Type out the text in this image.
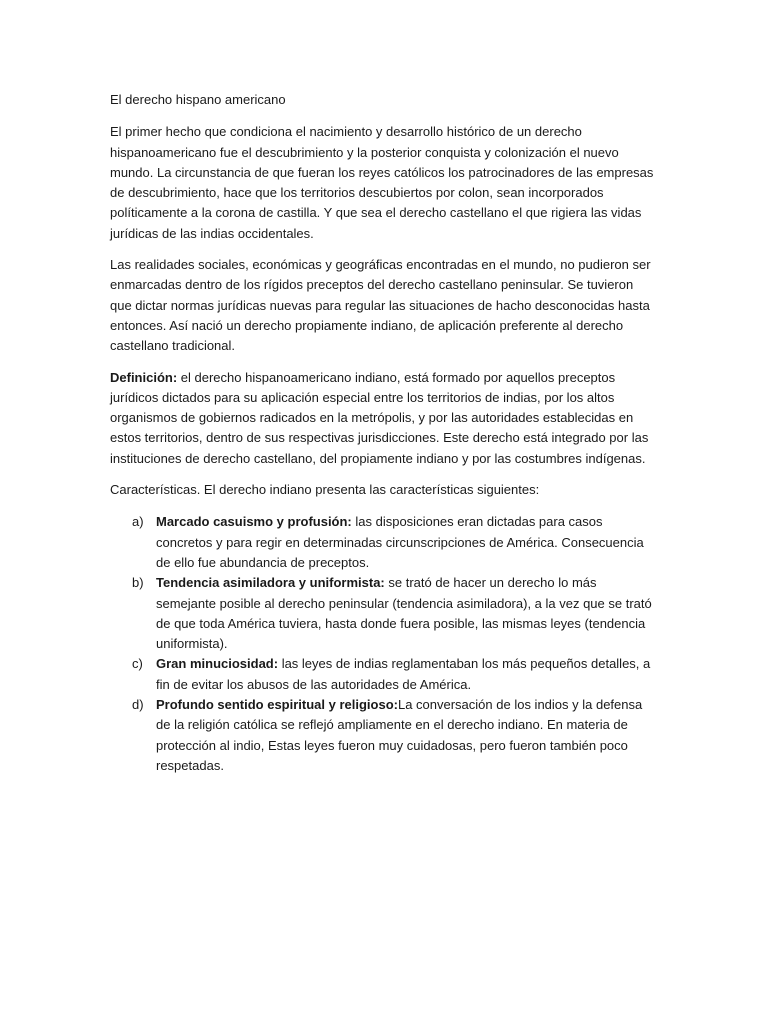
El derecho hispano americano

El primer hecho que condiciona el nacimiento y desarrollo histórico de un derecho hispanoamericano fue el descubrimiento y la posterior conquista y colonización el nuevo mundo. La circunstancia de que fueran los reyes católicos los patrocinadores de las empresas de descubrimiento, hace que los territorios descubiertos por colon, sean incorporados políticamente a la corona de castilla. Y que sea el derecho castellano el que rigiera las vidas jurídicas de las indias occidentales.

Las realidades sociales, económicas y geográficas encontradas en el mundo, no pudieron ser enmarcadas dentro de los rígidos preceptos del derecho castellano peninsular. Se tuvieron que dictar normas jurídicas nuevas para regular las situaciones de hacho desconocidas hasta entonces. Así nació un derecho propiamente indiano, de aplicación preferente al derecho castellano tradicional.

Definición: el derecho hispanoamericano indiano, está formado por aquellos preceptos jurídicos dictados para su aplicación especial entre los territorios de indias, por los altos organismos de gobiernos radicados en la metrópolis, y por las autoridades establecidas en estos territorios, dentro de sus respectivas jurisdicciones. Este derecho está integrado por las instituciones de derecho castellano, del propiamente indiano y por las costumbres indígenas.

Características. El derecho indiano presenta las características siguientes:

a) Marcado casuismo y profusión: las disposiciones eran dictadas para casos concretos y para regir en determinadas circunscripciones de América. Consecuencia de ello fue abundancia de preceptos.
b) Tendencia asimiladora y uniformista: se trató de hacer un derecho lo más semejante posible al derecho peninsular (tendencia asimiladora), a la vez que se trató de que toda América tuviera, hasta donde fuera posible, las mismas leyes (tendencia uniformista).
c) Gran minuciosidad: las leyes de indias reglamentaban los más pequeños detalles, a fin de evitar los abusos de las autoridades de América.
d) Profundo sentido espiritual y religioso:La conversación de los indios y la defensa de la religión católica se reflejó ampliamente en el derecho indiano. En materia de protección al indio, Estas leyes fueron muy cuidadosas, pero fueron también poco respetadas.
